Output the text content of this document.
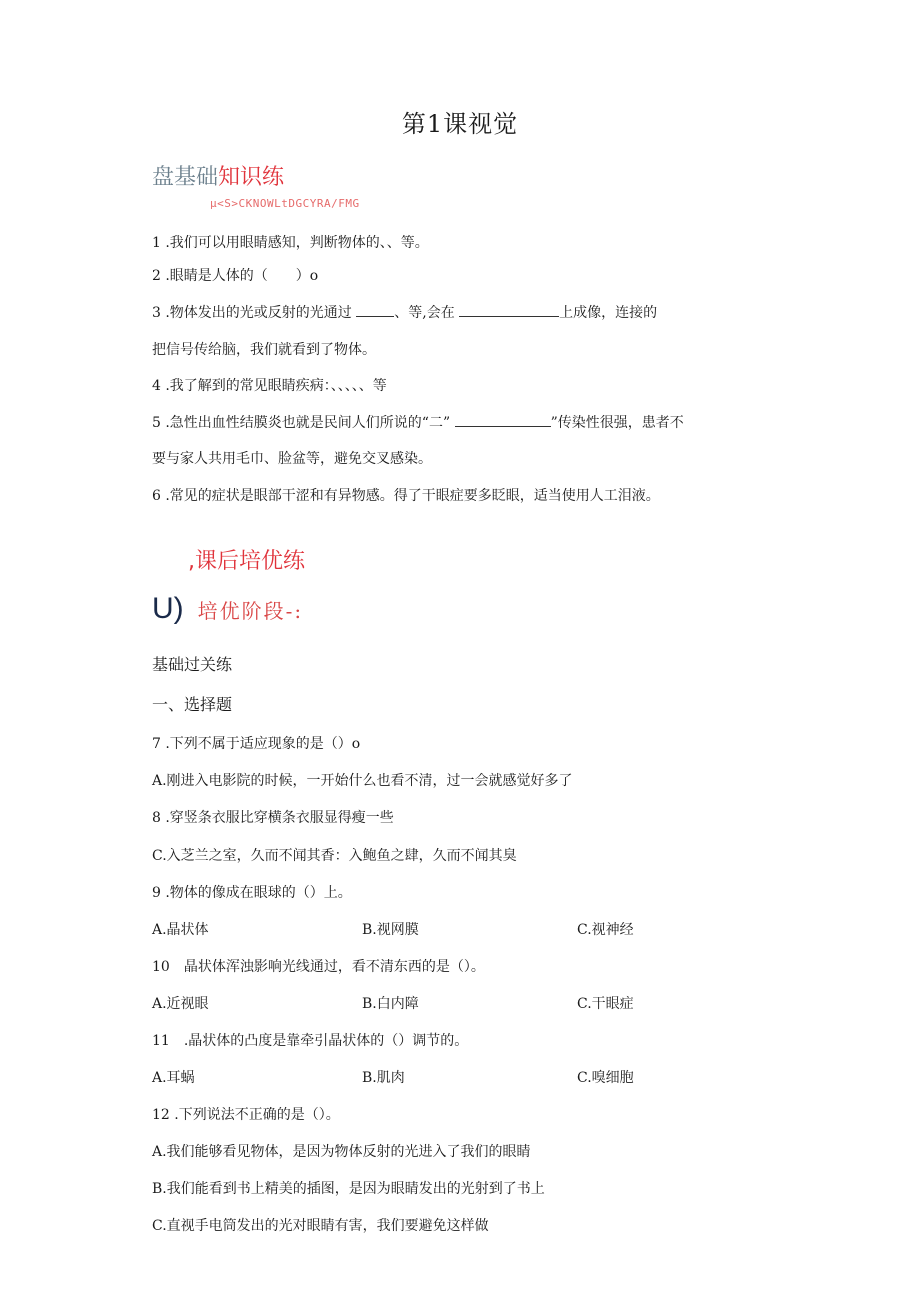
第1课视觉
盘基础知识练
µ<S>CKNOWLtDGCYRA/FMG
1 .我们可以用眼睛感知，判断物体的、、等。
2 .眼睛是人体的（　　）o
3 .物体发出的光或反射的光通过	、等,会在	上成像，连接的
把信号传给脑，我们就看到了物体。
4 .我了解到的常见眼睛疾病：、、、、、等
5 .急性出血性结膜炎也就是民间人们所说的“二”	”传染性很强，患者不
要与家人共用毛巾、脸盆等，避免交叉感染。
6 .常见的症状是眼部干涩和有异物感。得了干眼症要多眨眼，适当使用人工泪液。
,课后培优练
U) 培优阶段-:
基础过关练
一、选择题
7 .下列不属于适应现象的是（）o
A.刚进入电影院的时候，一开始什么也看不清，过一会就感觉好多了
8 .穿竖条衣服比穿横条衣服显得瘦一些
C.入芝兰之室，久而不闻其香：入鲍鱼之肆，久而不闻其臭
9 .物体的像成在眼球的（）上。
A.晶状体	B.视网膜	C.视神经
10　晶状体浑浊影响光线通过，看不清东西的是（）。
A.近视眼	B.白内障	C.干眼症
11　.晶状体的凸度是靠牵引晶状体的（）调节的。
A.耳蜗	B.肌肉	C.嗅细胞
12 .下列说法不正确的是（）。
A.我们能够看见物体，是因为物体反射的光进入了我们的眼睛
B.我们能看到书上精美的插图，是因为眼睛发出的光射到了书上
C.直视手电筒发出的光对眼睛有害，我们要避免这样做
